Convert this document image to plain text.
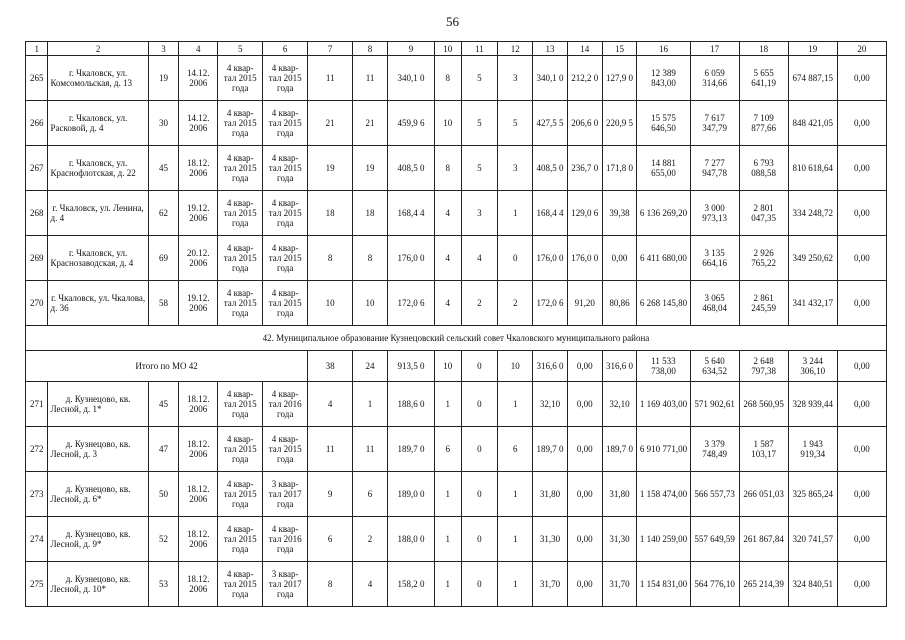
56
1	2	3	4	5	6	7	8	9	10	11	12	13	14	15	16	17	18	19	20
265	г. Чкаловск, ул. Комсомольская, д. 13	19	14.12. 2006	4 квар- тал 2015 года	4 квар- тал 2015 года	11	11	340,1 0	8	5	3	340,1 0	212,2 0	127,9 0	12 389 843,00	6 059 314,66	5 655 641,19	674 887,15	0,00
266	г. Чкаловск, ул. Расковой, д. 4	30	14.12. 2006	4 квар- тал 2015 года	4 квар- тал 2015 года	21	21	459,9 6	10	5	5	427,5 5	206,6 0	220,9 5	15 575 646,50	7 617 347,79	7 109 877,66	848 421,05	0,00
267	г. Чкаловск, ул. Краснофлотская, д. 22	45	18.12. 2006	4 квар- тал 2015 года	4 квар- тал 2015 года	19	19	408,5 0	8	5	3	408,5 0	236,7 0	171,8 0	14 881 655,00	7 277 947,78	6 793 088,58	810 618,64	0,00
268	г. Чкаловск, ул. Ленина, д. 4	62	19.12. 2006	4 квар- тал 2015 года	4 квар- тал 2015 года	18	18	168,4 4	4	3	1	168,4 4	129,0 6	39,38	6 136 269,20	3 000 973,13	2 801 047,35	334 248,72	0,00
269	г. Чкаловск, ул. Краснозаводская, д. 4	69	20.12. 2006	4 квар- тал 2015 года	4 квар- тал 2015 года	8	8	176,0 0	4	4	0	176,0 0	176,0 0	0,00	6 411 680,00	3 135 664,16	2 926 765,22	349 250,62	0,00
270	г. Чкаловск, ул. Чкалова, д. 36	58	19.12. 2006	4 квар- тал 2015 года	4 квар- тал 2015 года	10	10	172,0 6	4	2	2	172,0 6	91,20	80,86	6 268 145,80	3 065 468,04	2 861 245,59	341 432,17	0,00
42. Муниципальное образование Кузнецовский сельский совет Чкаловского муниципального района																			
Итого по МО 42						38	24	913,5 0	10	0	10	316,6 0	0,00	316,6 0	11 533 738,00	5 640 634,52	2 648 797,38	3 244 306,10	0,00
271	д. Кузнецово, кв. Лесной, д. 1*	45	18.12. 2006	4 квар- тал 2015 года	4 квар- тал 2016 года	4	1	188,6 0	1	0	1	32,10	0,00	32,10	1 169 403,00	571 902,61	268 560,95	328 939,44	0,00
272	д. Кузнецово, кв. Лесной, д. 3	47	18.12. 2006	4 квар- тал 2015 года	4 квар- тал 2015 года	11	11	189,7 0	6	0	6	189,7 0	0,00	189,7 0	6 910 771,00	3 379 748,49	1 587 103,17	1 943 919,34	0,00
273	д. Кузнецово, кв. Лесной, д. 6*	50	18.12. 2006	4 квар- тал 2015 года	3 квар- тал 2017 года	9	6	189,0 0	1	0	1	31,80	0,00	31,80	1 158 474,00	566 557,73	266 051,03	325 865,24	0,00
274	д. Кузнецово, кв. Лесной, д. 9*	52	18.12. 2006	4 квар- тал 2015 года	4 квар- тал 2016 года	6	2	188,0 0	1	0	1	31,30	0,00	31,30	1 140 259,00	557 649,59	261 867,84	320 741,57	0,00
275	д. Кузнецово, кв. Лесной, д. 10*	53	18.12. 2006	4 квар- тал 2015 года	3 квар- тал 2017 года	8	4	158,2 0	1	0	1	31,70	0,00	31,70	1 154 831,00	564 776,10	265 214,39	324 840,51	0,00
